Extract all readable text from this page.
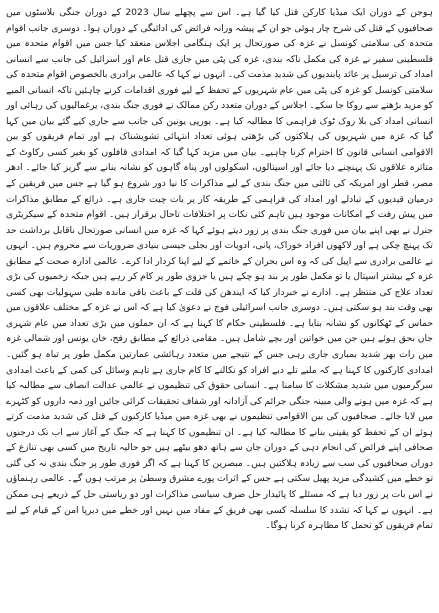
ہوجن کے دوران ایک میڈیا کارکن قتل کیا گیا ہے۔ اس سے پچھلے سال 2023 کے دوران جنگی بلاسٹوں میں صحافیوں کے قتل کی شرح چار ہوئی جو ان کے پیشہ ورانہ فرائض کی ادائیگی کے دوران ہوا۔ دوسری جانب اقوام متحدہ کی سلامتی کونسل نے غزہ کی صورتحال پر ایک ہنگامی اجلاس منعقد کیا جس میں اقوام متحدہ میں فلسطینی سفیر نے غزہ کی مکمل ناکہ بندی، غزہ کی پٹی میں جاری قتل عام اور اسرائیل کی جانب سے انسانی امداد کی ترسیل پر عائد پابندیوں کی شدید مذمت کی۔ انہوں نے کہا کہ عالمی برادری بالخصوص اقوام متحدہ کی سلامتی کونسل کو غزہ کی پٹی میں عام شہریوں کے تحفظ کے لیے فوری اقدامات کرنے چاہئیں تاکہ انسانی المیے کو مزید بڑھنے سے روکا جا سکے۔ اجلاس کے دوران متعدد رکن ممالک نے فوری جنگ بندی، یرغمالیوں کی رہائی اور انسانی امداد کی بلا روک ٹوک فراہمی کا مطالبہ کیا ہے۔ یورپی یونین کی جانب سے جاری کیے گئے بیان میں کہا گیا کہ غزہ میں شہریوں کی ہلاکتوں کی بڑھتی ہوئی تعداد انتہائی تشویشناک ہے اور تمام فریقوں کو بین الاقوامی انسانی قانون کا احترام کرنا چاہیے۔ بیان میں مزید کہا گیا کہ امدادی قافلوں کو بغیر کسی رکاوٹ کے متاثرہ علاقوں تک پہنچنے دیا جائے اور اسپتالوں، اسکولوں اور پناہ گاہوں کو نشانہ بنانے سے گریز کیا جائے۔ ادھر مصر، قطر اور امریکہ کی ثالثی میں جنگ بندی کے لیے مذاکرات کا نیا دور شروع ہو گیا ہے جس میں فریقین کے درمیان قیدیوں کے تبادلے اور امداد کی فراہمی کے طریقہ کار پر بات چیت جاری ہے۔ ذرائع کے مطابق مذاکرات میں پیش رفت کے امکانات موجود ہیں تاہم کئی نکات پر اختلافات تاحال برقرار ہیں۔ اقوام متحدہ کے سیکریٹری جنرل نے بھی اپنے بیان میں فوری جنگ بندی پر زور دیتے ہوئے کہا کہ غزہ میں انسانی صورتحال ناقابل برداشت حد تک پہنچ چکی ہے اور لاکھوں افراد خوراک، پانی، ادویات اور بجلی جیسی بنیادی ضروریات سے محروم ہیں۔ انہوں نے عالمی برادری سے اپیل کی کہ وہ اس بحران کے خاتمے کے لیے اپنا کردار ادا کرے۔ عالمی ادارہ صحت کے مطابق غزہ کے بیشتر اسپتال یا تو مکمل طور پر بند ہو چکے ہیں یا جزوی طور پر کام کر رہے ہیں جبکہ زخمیوں کی بڑی تعداد علاج کی منتظر ہے۔ ادارے نے خبردار کیا کہ ایندھن کی قلت کے باعث باقی ماندہ طبی سہولیات بھی کسی بھی وقت بند ہو سکتی ہیں۔ دوسری جانب اسرائیلی فوج نے دعویٰ کیا ہے کہ اس نے غزہ کے مختلف علاقوں میں حماس کے ٹھکانوں کو نشانہ بنایا ہے۔ فلسطینی حکام کا کہنا ہے کہ ان حملوں میں بڑی تعداد میں عام شہری جاں بحق ہوئے ہیں جن میں خواتین اور بچے شامل ہیں۔ مقامی ذرائع کے مطابق رفح، خان یونس اور شمالی غزہ میں رات بھر شدید بمباری جاری رہی جس کے نتیجے میں متعدد رہائشی عمارتیں مکمل طور پر تباہ ہو گئیں۔ امدادی کارکنوں کا کہنا ہے کہ ملبے تلے دبے افراد کو نکالنے کا کام جاری ہے تاہم وسائل کی کمی کے باعث امدادی سرگرمیوں میں شدید مشکلات کا سامنا ہے۔ انسانی حقوق کی تنظیموں نے عالمی عدالت انصاف سے مطالبہ کیا ہے کہ غزہ میں ہونے والی مبینہ جنگی جرائم کی آزادانہ اور شفاف تحقیقات کرائی جائیں اور ذمہ داروں کو کٹہرے میں لایا جائے۔ صحافیوں کی بین الاقوامی تنظیموں نے بھی غزہ میں میڈیا کارکنوں کے قتل کی شدید مذمت کرتے ہوئے ان کے تحفظ کو یقینی بنانے کا مطالبہ کیا ہے۔ ان تنظیموں کا کہنا ہے کہ جنگ کے آغاز سے اب تک درجنوں صحافی اپنے فرائض کی انجام دہی کے دوران جان سے ہاتھ دھو بیٹھے ہیں جو حالیہ تاریخ میں کسی بھی تنازع کے دوران صحافیوں کی سب سے زیادہ ہلاکتیں ہیں۔ مبصرین کا کہنا ہے کہ اگر فوری طور پر جنگ بندی نہ کی گئی تو خطے میں کشیدگی مزید پھیل سکتی ہے جس کے اثرات پورے مشرق وسطیٰ پر مرتب ہوں گے۔ عالمی رہنماؤں نے اس بات پر زور دیا ہے کہ مسئلے کا پائیدار حل صرف سیاسی مذاکرات اور دو ریاستی حل کے ذریعے ہی ممکن ہے۔ انہوں نے کہا کہ تشدد کا سلسلہ کسی بھی فریق کے مفاد میں نہیں اور خطے میں دیرپا امن کے قیام کے لیے تمام فریقوں کو تحمل کا مظاہرہ کرنا ہوگا۔
